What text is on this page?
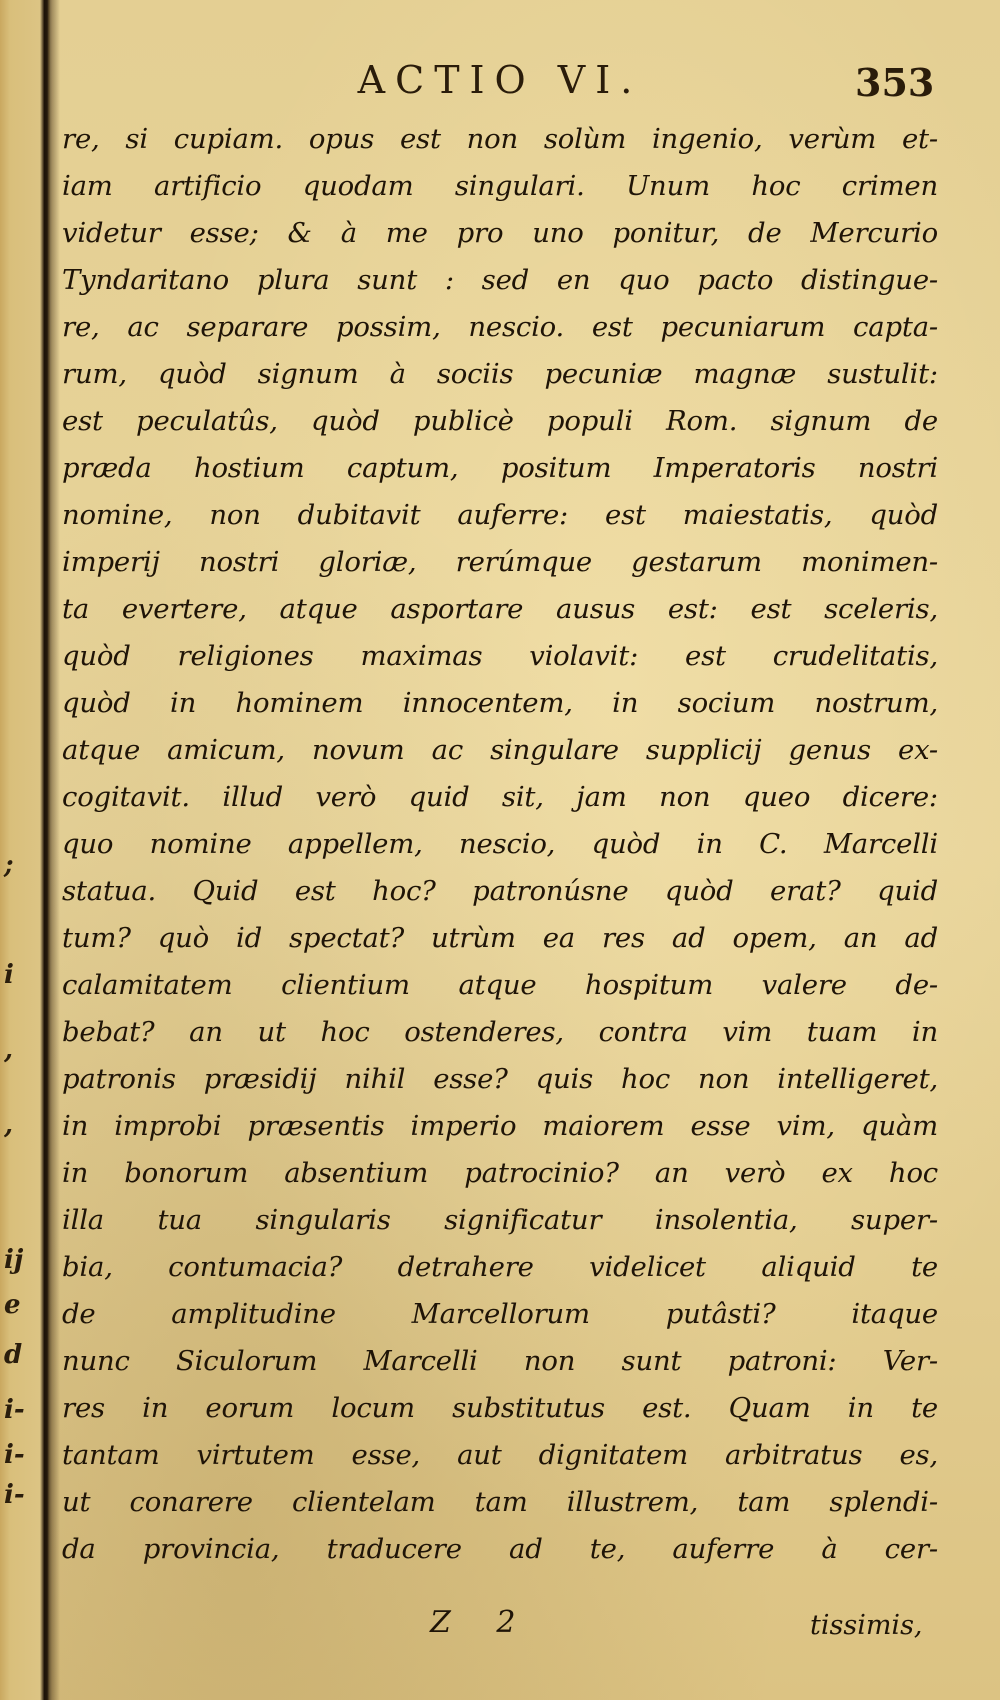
;
i
,
,
ij
e
d
i-
i-
i-
ACTIO VI.	353
re, si cupiam. opus est non solùm ingenio, verùm et-
iam artificio quodam singulari. Unum hoc crimen
videtur esse; & à me pro uno ponitur, de Mercurio
Tyndaritano plura sunt : sed en quo pacto distingue-
re, ac separare possim, nescio. est pecuniarum capta-
rum, quòd signum à sociis pecuniæ magnæ sustulit:
est peculatûs, quòd publicè populi Rom. signum de
præda hostium captum, positum Imperatoris nostri
nomine, non dubitavit auferre: est maiestatis, quòd
imperij nostri gloriæ, rerúmque gestarum monimen-
ta evertere, atque asportare ausus est: est sceleris,
quòd religiones maximas violavit: est crudelitatis,
quòd in hominem innocentem, in socium nostrum,
atque amicum, novum ac singulare supplicij genus ex-
cogitavit. illud verò quid sit, jam non queo dicere:
quo nomine appellem, nescio, quòd in C. Marcelli
statua. Quid est hoc? patronúsne quòd erat? quid
tum? quò id spectat? utrùm ea res ad opem, an ad
calamitatem clientium atque hospitum valere de-
bebat? an ut hoc ostenderes, contra vim tuam in
patronis præsidij nihil esse? quis hoc non intelligeret,
in improbi præsentis imperio maiorem esse vim, quàm
in bonorum absentium patrocinio? an verò ex hoc
illa tua singularis significatur insolentia, super-
bia, contumacia? detrahere videlicet aliquid te
de amplitudine Marcellorum putâsti? itaque
nunc Siculorum Marcelli non sunt patroni: Ver-
res in eorum locum substitutus est. Quam in te
tantam virtutem esse, aut dignitatem arbitratus es,
ut conarere clientelam tam illustrem, tam splendi-
da provincia, traducere ad te, auferre à cer-
Z 2	tissimis,
